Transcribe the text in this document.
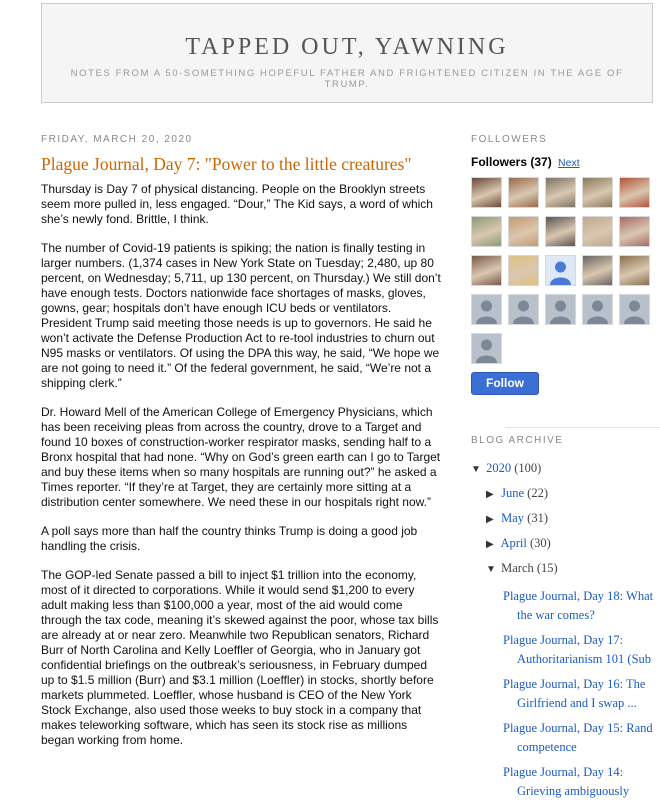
TAPPED OUT, YAWNING
NOTES FROM A 50-SOMETHING HOPEFUL FATHER AND FRIGHTENED CITIZEN IN THE AGE OF TRUMP.
FRIDAY, MARCH 20, 2020
Plague Journal, Day 7: "Power to the little creatures"

Thursday is Day 7 of physical distancing. People on the Brooklyn streets seem more pulled in, less engaged. “Dour,” The Kid says, a word of which she’s newly fond. Brittle, I think.

The number of Covid-19 patients is spiking; the nation is finally testing in larger numbers. (1,374 cases in New York State on Tuesday; 2,480, up 80 percent, on Wednesday; 5,711, up 130 percent, on Thursday.) We still don’t have enough tests. Doctors nationwide face shortages of masks, gloves, gowns, gear; hospitals don’t have enough ICU beds or ventilators. President Trump said meeting those needs is up to governors. He said he won’t activate the Defense Production Act to re-tool industries to churn out N95 masks or ventilators. Of using the DPA this way, he said, “We hope we are not going to need it.” Of the federal government, he said, “We’re not a shipping clerk.”

Dr. Howard Mell of the American College of Emergency Physicians, which has been receiving pleas from across the country, drove to a Target and found 10 boxes of construction-worker respirator masks, sending half to a Bronx hospital that had none. “Why on God’s green earth can I go to Target and buy these items when so many hospitals are running out?” he asked a Times reporter. “If they’re at Target, they are certainly more sitting at a distribution center somewhere. We need these in our hospitals right now.”

A poll says more than half the country thinks Trump is doing a good job handling the crisis.

The GOP-led Senate passed a bill to inject $1 trillion into the economy, most of it directed to corporations. While it would send $1,200 to every adult making less than $100,000 a year, most of the aid would come through the tax code, meaning it’s skewed against the poor, whose tax bills are already at or near zero. Meanwhile two Republican senators, Richard Burr of North Carolina and Kelly Loeffler of Georgia, who in January got confidential briefings on the outbreak’s seriousness, in February dumped up to $1.5 million (Burr) and $3.1 million (Loeffler) in stocks, shortly before markets plummeted. Loeffler, whose husband is CEO of the New York Stock Exchange, also used those weeks to buy stock in a company that makes teleworking software, which has seen its stock rise as millions began working from home.

FOLLOWERS
Followers (37) Next
Follow
BLOG ARCHIVE
▼ 2020 (100)
▶ June (22)
▶ May (31)
▶ April (30)
▼ March (15)
Plague Journal, Day 18: What
the war comes?
Plague Journal, Day 17:
Authoritarianism 101 (Sub
Plague Journal, Day 16: The
Girlfriend and I swap ...
Plague Journal, Day 15: Rand
competence
Plague Journal, Day 14:
Grieving ambiguously
